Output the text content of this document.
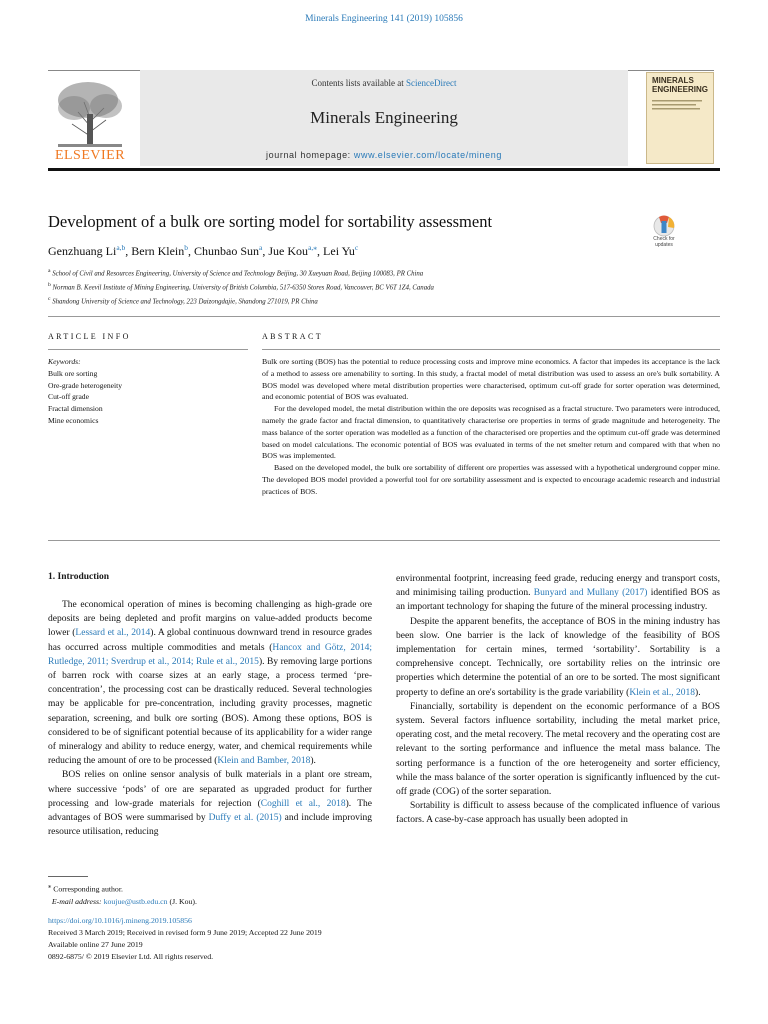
Minerals Engineering 141 (2019) 105856
ELSEVIER
Contents lists available at ScienceDirect
Minerals Engineering
journal homepage: www.elsevier.com/locate/mineng
MINERALS ENGINEERING
Development of a bulk ore sorting model for sortability assessment
Check for updates
Genzhuang Li$^{a,b}$, Bern Klein$^b$, Chunbao Sun$^a$, Jue Kou$^{a,⁎}$, Lei Yu$^c$
$^a$ School of Civil and Resources Engineering, University of Science and Technology Beijing, 30 Xueyuan Road, Beijing 100083, PR China
$^b$ Norman B. Keevil Institute of Mining Engineering, University of British Columbia, 517-6350 Stores Road, Vancouver, BC V6T 1Z4, Canada
$^c$ Shandong University of Science and Technology, 223 Daizongdajie, Shandong 271019, PR China
ARTICLE INFO	ABSTRACT
Keywords:
Bulk ore sorting
Ore-grade heterogeneity
Cut-off grade
Fractal dimension
Mine economics

Bulk ore sorting (BOS) has the potential to reduce processing costs and improve mine economics. A factor that impedes its acceptance is the lack of a method to assess ore amenability to sorting. In this study, a fractal model of metal distribution was used to assess an ore's bulk sortability. A BOS model was developed where metal distribution properties were characterised, optimum cut-off grade for sorter operation was determined, and economic potential of BOS was evaluated.

For the developed model, the metal distribution within the ore deposits was recognised as a fractal structure. Two parameters were introduced, namely the grade factor and fractal dimension, to quantitatively characterise ore properties in terms of grade magnitude and heterogeneity. The mass balance of the sorter operation was modelled as a function of the characterised ore properties and the optimum cut-off grade was determined based on model calculations. The economic potential of BOS was evaluated in terms of the net smelter return and compared with that when no BOS was implemented.

Based on the developed model, the bulk ore sortability of different ore properties was assessed with a hypothetical underground copper mine. The developed BOS model provided a powerful tool for ore sortability assessment and is expected to encourage academic research and industrial practices of BOS.

1. Introduction

The economical operation of mines is becoming challenging as high-grade ore deposits are being depleted and profit margins on value-added products become lower (Lessard et al., 2014). A global continuous downward trend in resource grades has occurred across multiple commodities and metals (Hancox and Götz, 2014; Rutledge, 2011; Sverdrup et al., 2014; Rule et al., 2015). By removing large portions of barren rock with coarse sizes at an early stage, a process termed ‘pre-concentration’, the processing cost can be drastically reduced. Several technologies may be applicable for pre-concentration, including gravity processes, magnetic separation, screening, and bulk ore sorting (BOS). Among these options, BOS is considered to be of significant potential because of its applicability for a wider range of mineralogy and ability to reduce energy, water, and chemical requirements while reducing the amount of ore to be processed (Klein and Bamber, 2018).

BOS relies on online sensor analysis of bulk materials in a plant ore stream, where successive ‘pods’ of ore are separated as upgraded product for further processing and low-grade materials for rejection (Coghill et al., 2018). The advantages of BOS were summarised by Duffy et al. (2015) and include improving resource utilisation, reducing

environmental footprint, increasing feed grade, reducing energy and transport costs, and minimising tailing production. Bunyard and Mullany (2017) identified BOS as an important technology for shaping the future of the mineral processing industry.

Despite the apparent benefits, the acceptance of BOS in the mining industry has been slow. One barrier is the lack of knowledge of the feasibility of BOS implementation for certain mines, termed ‘sortability’. Sortability is a comprehensive concept. Technically, ore sortability relies on the intrinsic ore properties which determine the potential of an ore to be sorted. The most significant property to define an ore's sortability is the grade variability (Klein et al., 2018).

Financially, sortability is dependent on the economic performance of a BOS system. Several factors influence sortability, including the metal market price, operating cost, and the metal recovery. The metal recovery and the operating cost are relevant to the sorting performance and influence the metal mass balance. The sorting performance is a function of the ore heterogeneity and sorter efficiency, while the mass balance of the sorter operation is significantly influenced by the cut-off grade (COG) of the sorter separation.

Sortability is difficult to assess because of the complicated influence of various factors. A case-by-case approach has usually been adopted in

⁎ Corresponding author.
E-mail address: koujue@ustb.edu.cn (J. Kou).
https://doi.org/10.1016/j.mineng.2019.105856
Received 3 March 2019; Received in revised form 9 June 2019; Accepted 22 June 2019
Available online 27 June 2019
0892-6875/ © 2019 Elsevier Ltd. All rights reserved.
